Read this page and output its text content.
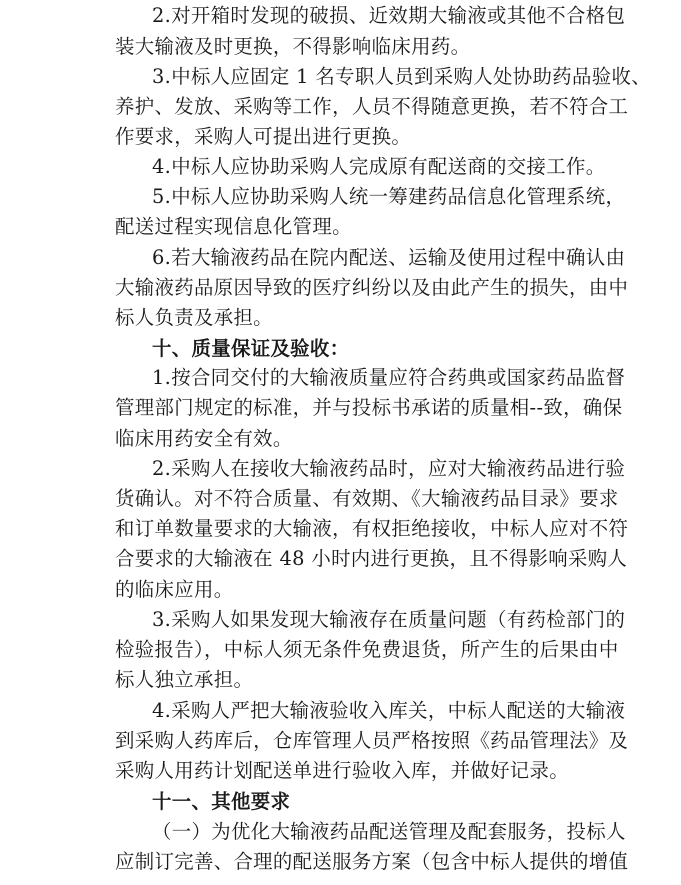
2.对开箱时发现的破损、近效期大输液或其他不合格包
装大输液及时更换，不得影响临床用药。
3.中标人应固定 1 名专职人员到采购人处协助药品验收、
养护、发放、采购等工作，人员不得随意更换，若不符合工
作要求，采购人可提出进行更换。
4.中标人应协助采购人完成原有配送商的交接工作。
5.中标人应协助采购人统一筹建药品信息化管理系统，
配送过程实现信息化管理。
6.若大输液药品在院内配送、运输及使用过程中确认由
大输液药品原因导致的医疗纠纷以及由此产生的损失，由中
标人负责及承担。
十、质量保证及验收：
1.按合同交付的大输液质量应符合药典或国家药品监督
管理部门规定的标准，并与投标书承诺的质量相--致，确保
临床用药安全有效。
2.采购人在接收大输液药品时，应对大输液药品进行验
货确认。对不符合质量、有效期、《大输液药品目录》要求
和订单数量要求的大输液，有权拒绝接收，中标人应对不符
合要求的大输液在 48 小时内进行更换，且不得影响采购人
的临床应用。
3.采购人如果发现大输液存在质量问题（有药检部门的
检验报告），中标人须无条件免费退货，所产生的后果由中
标人独立承担。
4.采购人严把大输液验收入库关，中标人配送的大输液
到采购人药库后，仓库管理人员严格按照《药品管理法》及
采购人用药计划配送单进行验收入库，并做好记录。
十一、其他要求
（一）为优化大输液药品配送管理及配套服务，投标人
应制订完善、合理的配送服务方案（包含中标人提供的增值
